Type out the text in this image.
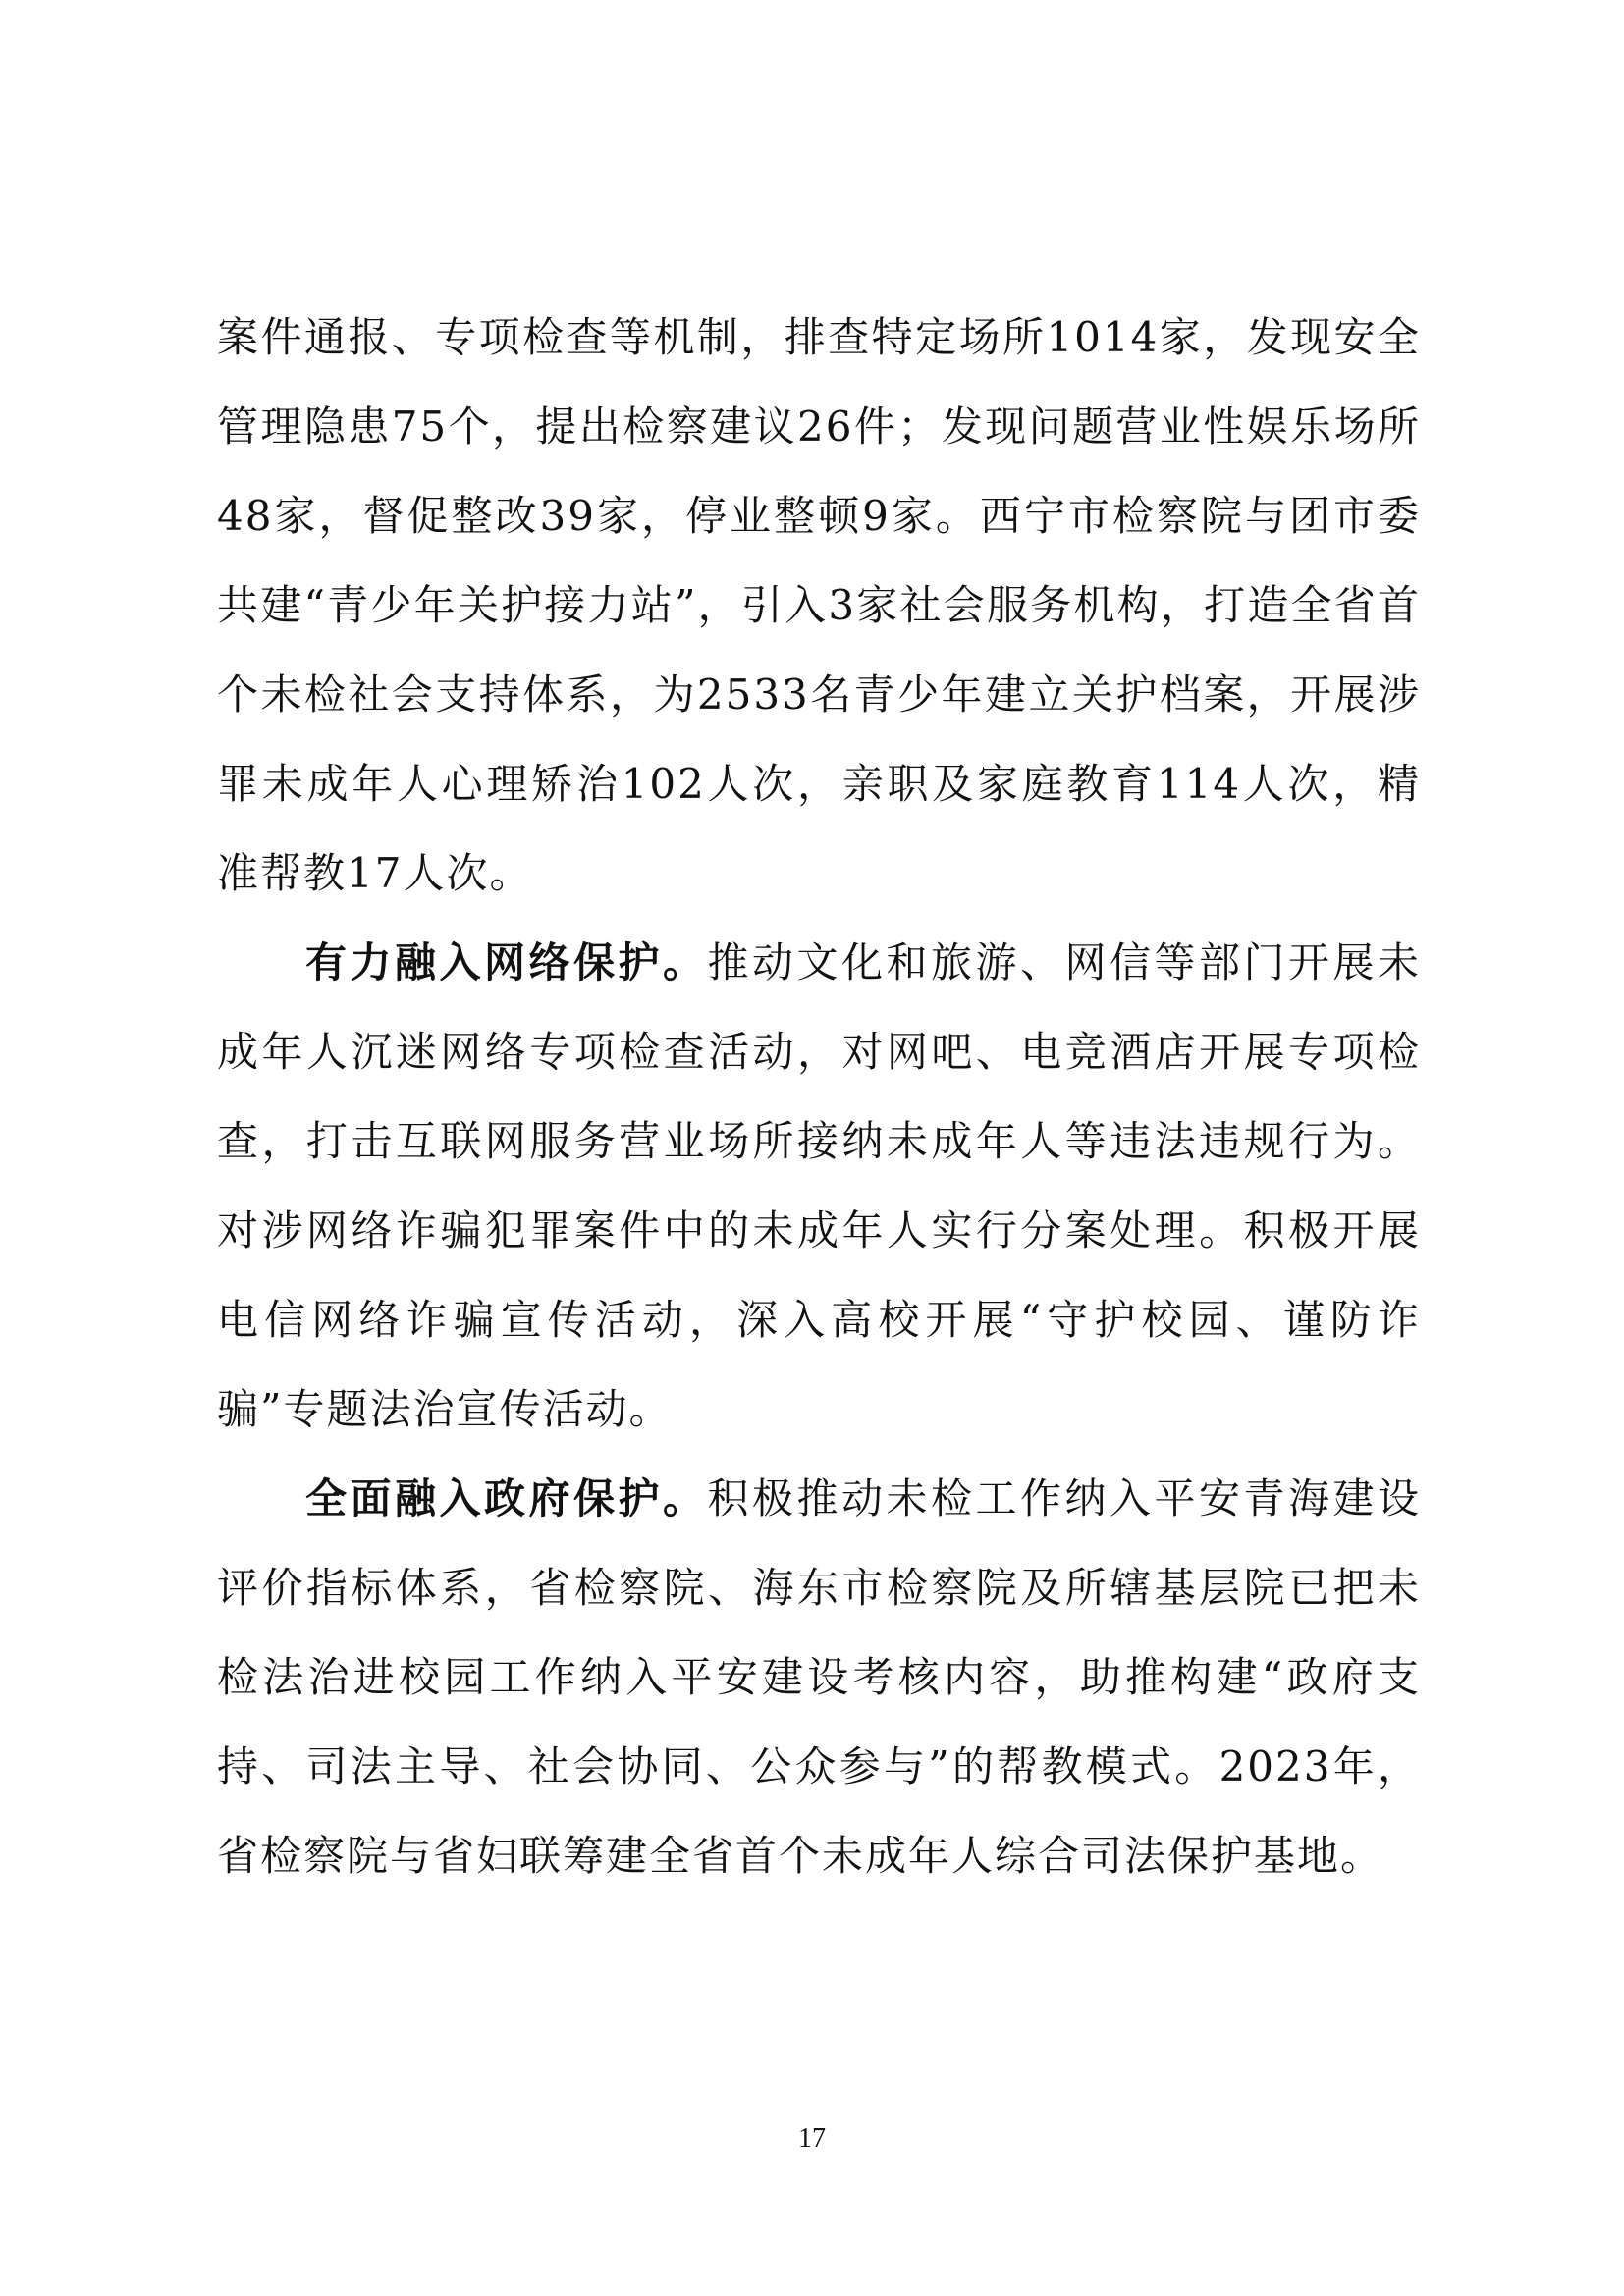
案件通报、专项检查等机制，排查特定场所1014家，发现安全管理隐患75个，提出检察建议26件；发现问题营业性娱乐场所48家，督促整改39家，停业整顿9家。西宁市检察院与团市委共建“青少年关护接力站”，引入3家社会服务机构，打造全省首个未检社会支持体系，为2533名青少年建立关护档案，开展涉罪未成年人心理矫治102人次，亲职及家庭教育114人次，精准帮教17人次。

有力融入网络保护。推动文化和旅游、网信等部门开展未成年人沉迷网络专项检查活动，对网吧、电竞酒店开展专项检查，打击互联网服务营业场所接纳未成年人等违法违规行为。对涉网络诈骗犯罪案件中的未成年人实行分案处理。积极开展电信网络诈骗宣传活动，深入高校开展“守护校园、谨防诈骗”专题法治宣传活动。

全面融入政府保护。积极推动未检工作纳入平安青海建设评价指标体系，省检察院、海东市检察院及所辖基层院已把未检法治进校园工作纳入平安建设考核内容，助推构建“政府支持、司法主导、社会协同、公众参与”的帮教模式。2023年，省检察院与省妇联筹建全省首个未成年人综合司法保护基地。

17
